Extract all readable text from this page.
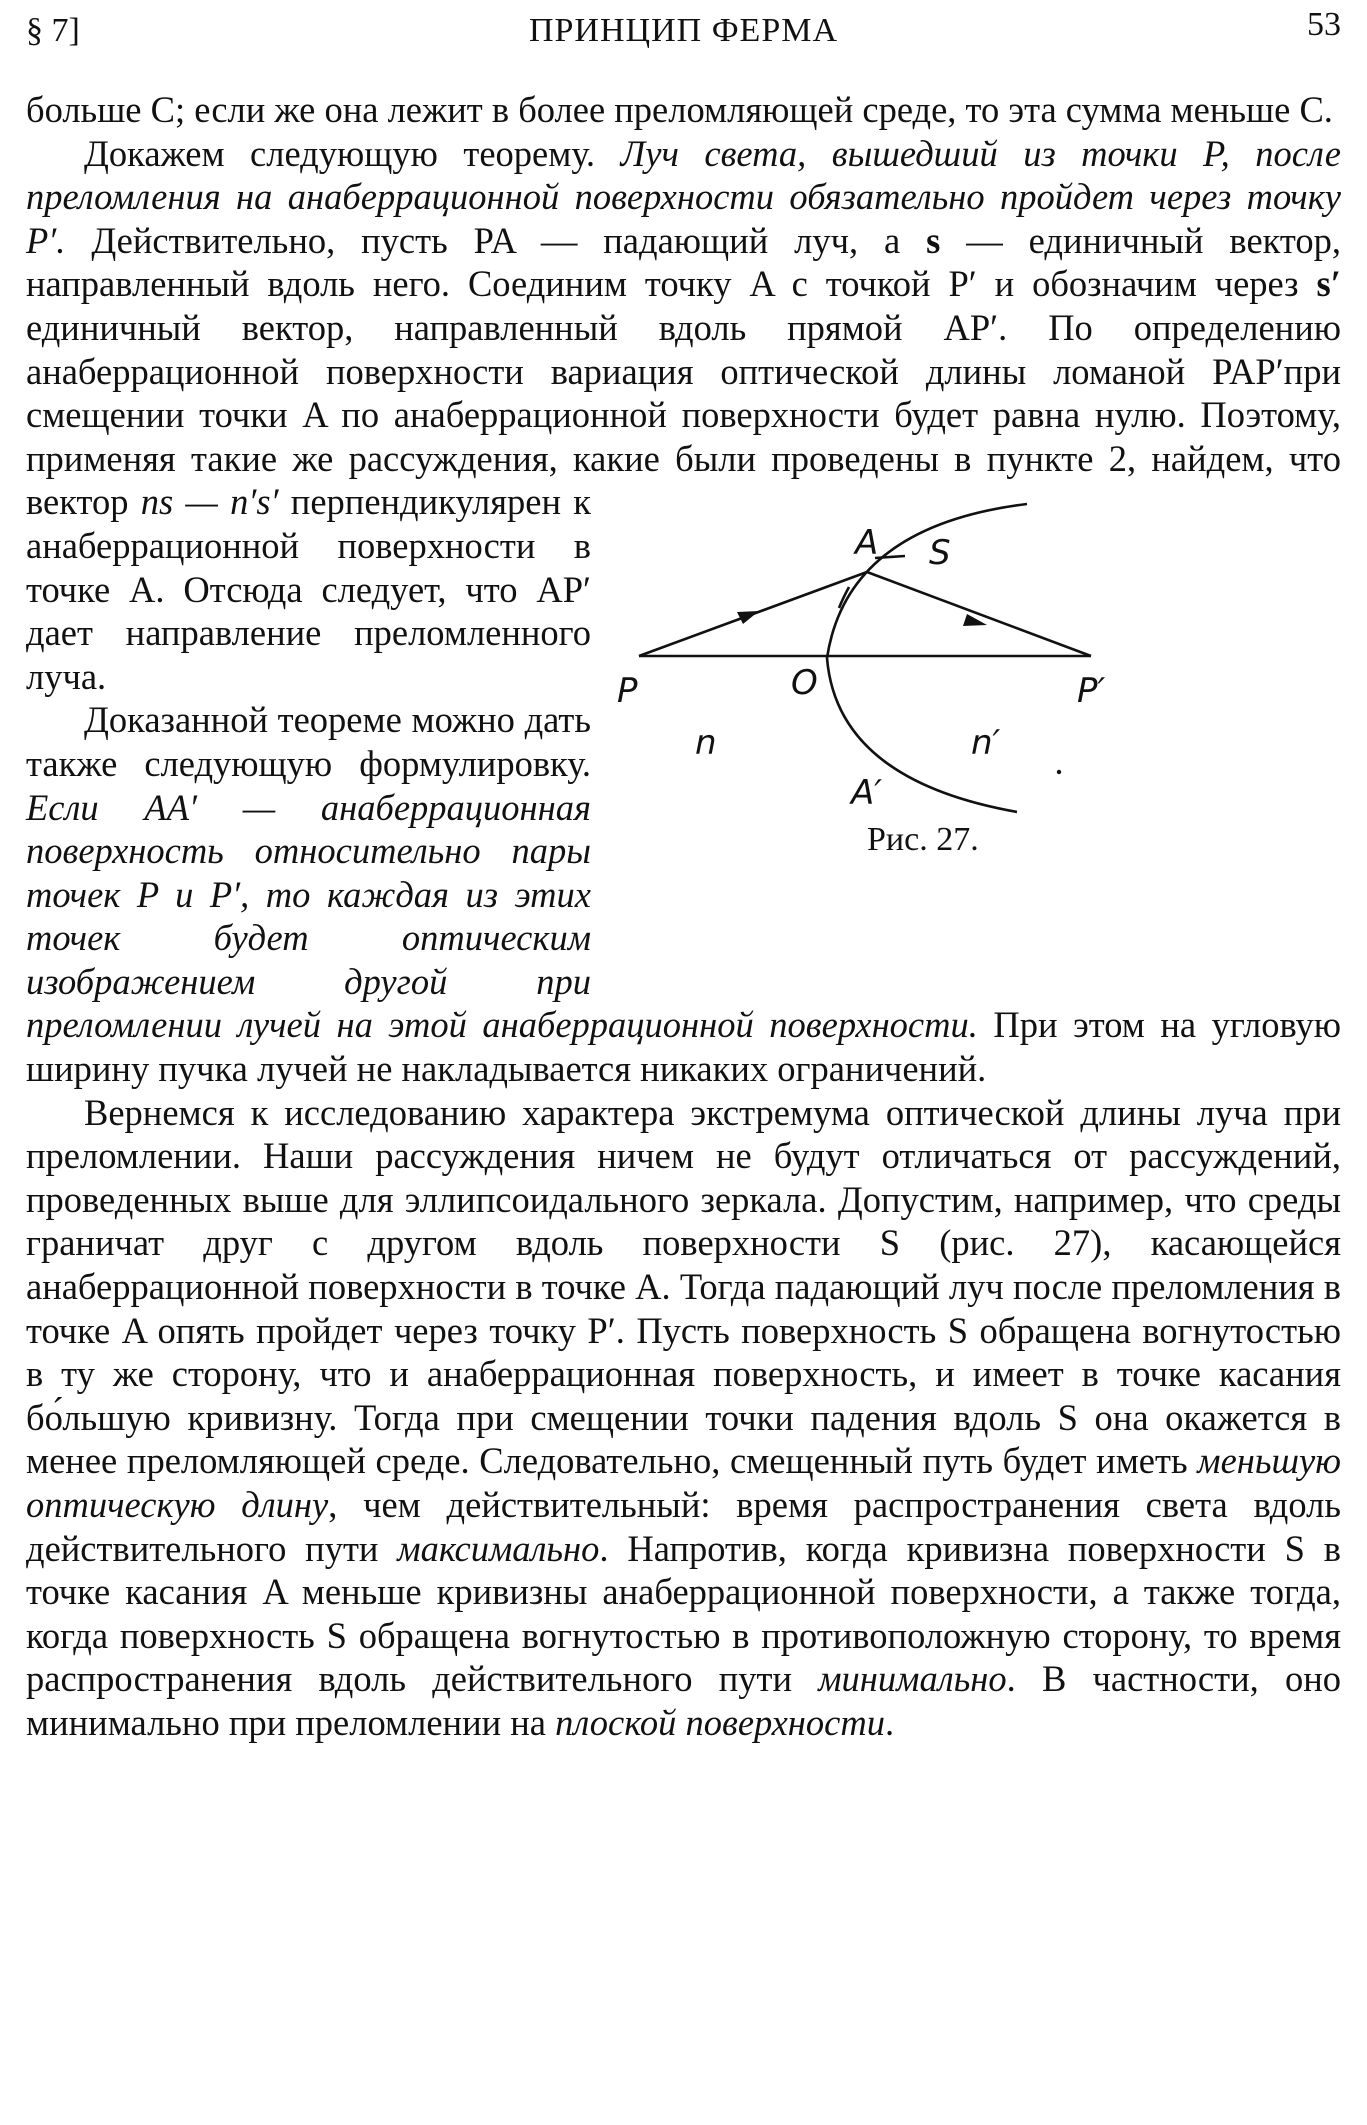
§ 7]	ПРИНЦИП ФЕРМА	53

больше C; если же она лежит в более преломляющей среде, то эта сумма меньше C.

Докажем следующую теорему. Луч света, вышедший из точки P, после преломления на анаберрационной поверхности обязательно пройдет через точку P′. Действительно, пусть PA — падающий луч, а s — единичный вектор, направленный вдоль него. Соединим точку A с точкой P′ и обозначим через s′ единичный вектор, направленный вдоль прямой AP′. По определению анаберрационной поверхности вариация оптической длины ломаной PAP′при смещении точки A по анаберрационной поверхности будет равна нулю. Поэтому, применяя такие же рассуждения, какие были проведены в пункте 2, найдем, что вектор
A S
P	O	P′
n	n′
A′
Рис. 27.
ns — n′s′ перпендикулярен к анаберрационной поверхности в точке A. Отсюда следует, что AP′ дает направление преломленного луча.

Доказанной теореме можно дать также следующую формулировку. Если AA′ — анаберрационная поверхность относительно пары точек P и P′, то каждая из этих точек будет оптическим изображением другой при преломлении лучей на этой анаберрационной поверхности. При этом на угловую ширину пучка лучей не накладывается никаких ограничений.

Вернемся к исследованию характера экстремума оптической длины луча при преломлении. Наши рассуждения ничем не будут отличаться от рассуждений, проведенных выше для эллипсоидального зеркала. Допустим, например, что среды граничат друг с другом вдоль поверхности S (рис. 27), касающейся анаберрационной поверхности в точке A. Тогда падающий луч после преломления в точке A опять пройдет через точку P′. Пусть поверхность S обращена вогнутостью в ту же сторону, что и анаберрационная поверхность, и имеет в точке касания бо́льшую кривизну. Тогда при смещении точки падения вдоль S она окажется в менее преломляющей среде. Следовательно, смещенный путь будет иметь меньшую оптическую длину, чем действительный: время распространения света вдоль действительного пути максимально. Напротив, когда кривизна поверхности S в точке касания A меньше кривизны анаберрационной поверхности, а также тогда, когда поверхность S обращена вогнутостью в противоположную сторону, то время распространения вдоль действительного пути минимально. В частности, оно минимально при преломлении на плоской поверхности.
